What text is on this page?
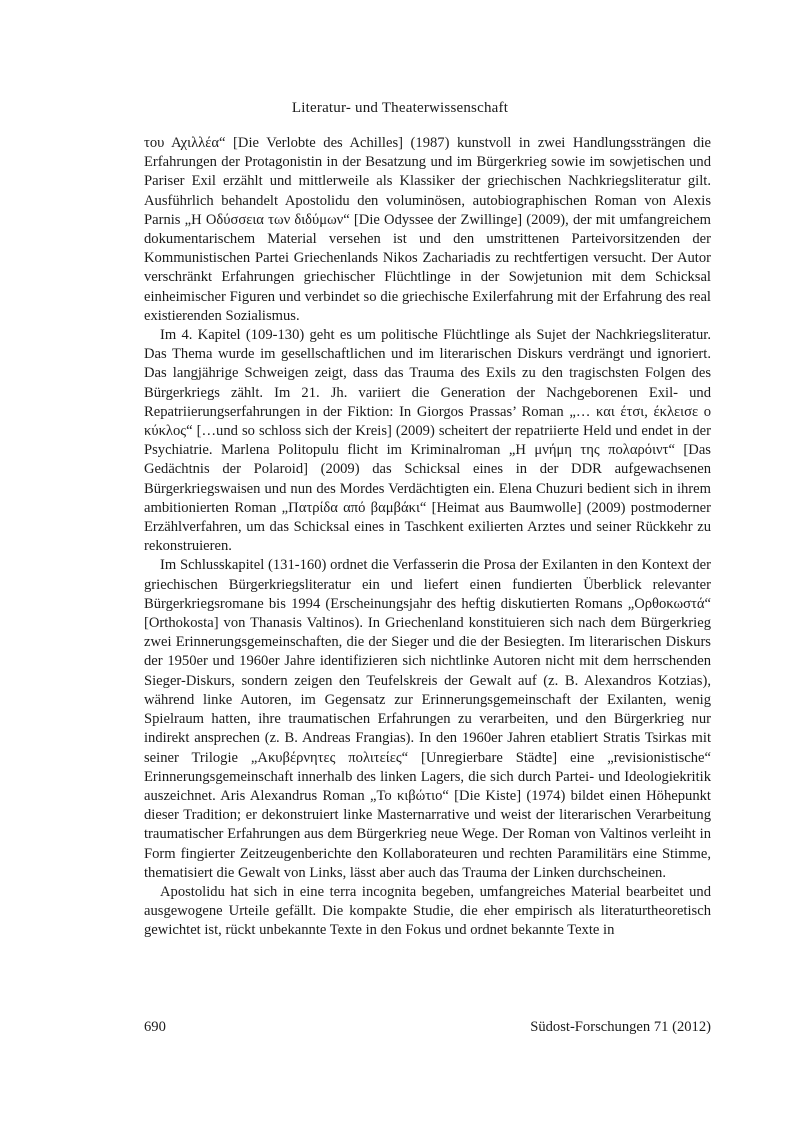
Literatur- und Theaterwissenschaft

του Αχιλλέα“ [Die Verlobte des Achilles] (1987) kunstvoll in zwei Handlungssträngen die Erfahrungen der Protagonistin in der Besatzung und im Bürgerkrieg sowie im sowjetischen und Pariser Exil erzählt und mittlerweile als Klassiker der griechischen Nachkriegsliteratur gilt. Ausführlich behandelt Apostolidu den voluminösen, autobiographischen Roman von Alexis Parnis „Η Οδύσσεια των διδύμων“ [Die Odyssee der Zwillinge] (2009), der mit umfangreichem dokumentarischem Material versehen ist und den umstrittenen Parteivorsitzenden der Kommunistischen Partei Griechenlands Nikos Zachariadis zu rechtfertigen versucht. Der Autor verschränkt Erfahrungen griechischer Flüchtlinge in der Sowjetunion mit dem Schicksal einheimischer Figuren und verbindet so die griechische Exilerfahrung mit der Erfahrung des real existierenden Sozialismus.

Im 4. Kapitel (109-130) geht es um politische Flüchtlinge als Sujet der Nachkriegsliteratur. Das Thema wurde im gesellschaftlichen und im literarischen Diskurs verdrängt und ignoriert. Das langjährige Schweigen zeigt, dass das Trauma des Exils zu den tragischsten Folgen des Bürgerkriegs zählt. Im 21. Jh. variiert die Generation der Nachgeborenen Exil- und Repatriierungserfahrungen in der Fiktion: In Giorgos Prassas’ Roman „… και έτσι, έκλεισε ο κύκλος“ […und so schloss sich der Kreis] (2009) scheitert der repatriierte Held und endet in der Psychiatrie. Marlena Politopulu flicht im Kriminalroman „Η μνήμη της πολαρόιντ“ [Das Gedächtnis der Polaroid] (2009) das Schicksal eines in der DDR aufgewachsenen Bürgerkriegswaisen und nun des Mordes Verdächtigten ein. Elena Chuzuri bedient sich in ihrem ambitionierten Roman „Πατρίδα από βαμβάκι“ [Heimat aus Baumwolle] (2009) postmoderner Erzählverfahren, um das Schicksal eines in Taschkent exilierten Arztes und seiner Rückkehr zu rekonstruieren.

Im Schlusskapitel (131-160) ordnet die Verfasserin die Prosa der Exilanten in den Kontext der griechischen Bürgerkriegsliteratur ein und liefert einen fundierten Überblick relevanter Bürgerkriegsromane bis 1994 (Erscheinungsjahr des heftig diskutierten Romans „Ορθοκωστά“ [Orthokosta] von Thanasis Valtinos). In Griechenland konstituieren sich nach dem Bürgerkrieg zwei Erinnerungsgemeinschaften, die der Sieger und die der Besiegten. Im literarischen Diskurs der 1950er und 1960er Jahre identifizieren sich nichtlinke Autoren nicht mit dem herrschenden Sieger-Diskurs, sondern zeigen den Teufelskreis der Gewalt auf (z. B. Alexandros Kotzias), während linke Autoren, im Gegensatz zur Erinnerungsgemeinschaft der Exilanten, wenig Spielraum hatten, ihre traumatischen Erfahrungen zu verarbeiten, und den Bürgerkrieg nur indirekt ansprechen (z. B. Andreas Frangias). In den 1960er Jahren etabliert Stratis Tsirkas mit seiner Trilogie „Ακυβέρνητες πολιτείες“ [Unregierbare Städte] eine „revisionistische“ Erinnerungsgemeinschaft innerhalb des linken Lagers, die sich durch Partei- und Ideologiekritik auszeichnet. Aris Alexandrus Roman „Το κιβώτιο“ [Die Kiste] (1974) bildet einen Höhepunkt dieser Tradition; er dekonstruiert linke Masternarrative und weist der literarischen Verarbeitung traumatischer Erfahrungen aus dem Bürgerkrieg neue Wege. Der Roman von Valtinos verleiht in Form fingierter Zeitzeugenberichte den Kollaborateuren und rechten Paramilitärs eine Stimme, thematisiert die Gewalt von Links, lässt aber auch das Trauma der Linken durchscheinen.

Apostolidu hat sich in eine terra incognita begeben, umfangreiches Material bearbeitet und ausgewogene Urteile gefällt. Die kompakte Studie, die eher empirisch als literaturtheoretisch gewichtet ist, rückt unbekannte Texte in den Fokus und ordnet bekannte Texte in

690	Südost-Forschungen 71 (2012)
